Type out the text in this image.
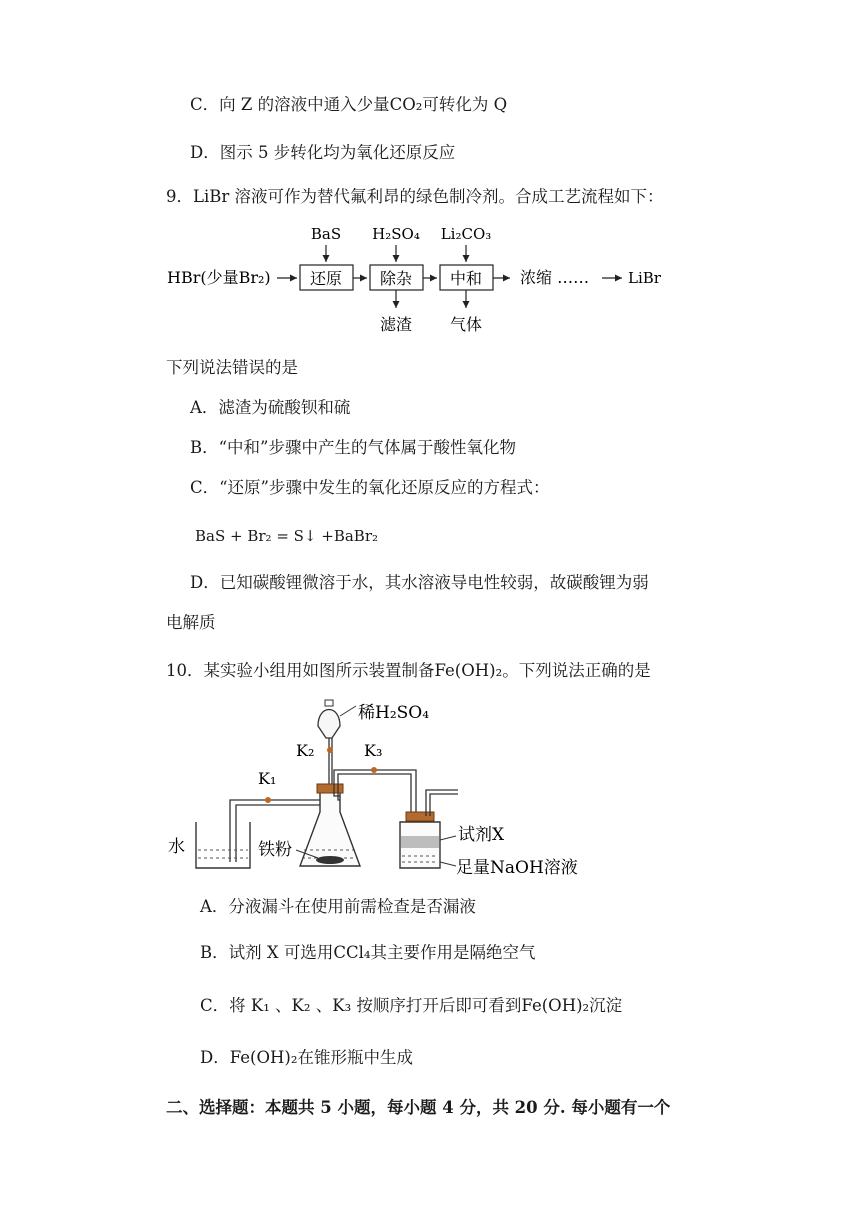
C．向 Z 的溶液中通入少量CO₂可转化为 Q
D．图示 5 步转化均为氧化还原反应
9．LiBr 溶液可作为替代氟利昂的绿色制冷剂。合成工艺流程如下：
HBr(少量Br₂) 还原 除杂 中和 浓缩 ……	LiBr
BaS H₂SO₄ Li₂CO₃
滤渣 气体
下列说法错误的是
A．滤渣为硫酸钡和硫
B．“中和”步骤中产生的气体属于酸性氧化物
C．“还原”步骤中发生的氧化还原反应的方程式：
BaS + Br₂ = S↓ +BaBr₂
D．已知碳酸锂微溶于水，其水溶液导电性较弱，故碳酸锂为弱
电解质
10．某实验小组用如图所示装置制备Fe(OH)₂。下列说法正确的是
稀H₂SO₄
K₂
铁粉
K₁
水
K₃
试剂X
足量NaOH溶液
A．分液漏斗在使用前需检查是否漏液
B．试剂 X 可选用CCl₄其主要作用是隔绝空气
C．将 K₁ 、K₂ 、K₃ 按顺序打开后即可看到Fe(OH)₂沉淀
D．Fe(OH)₂在锥形瓶中生成
二、选择题：本题共 5 小题，每小题 4 分，共 20 分. 每小题有一个
